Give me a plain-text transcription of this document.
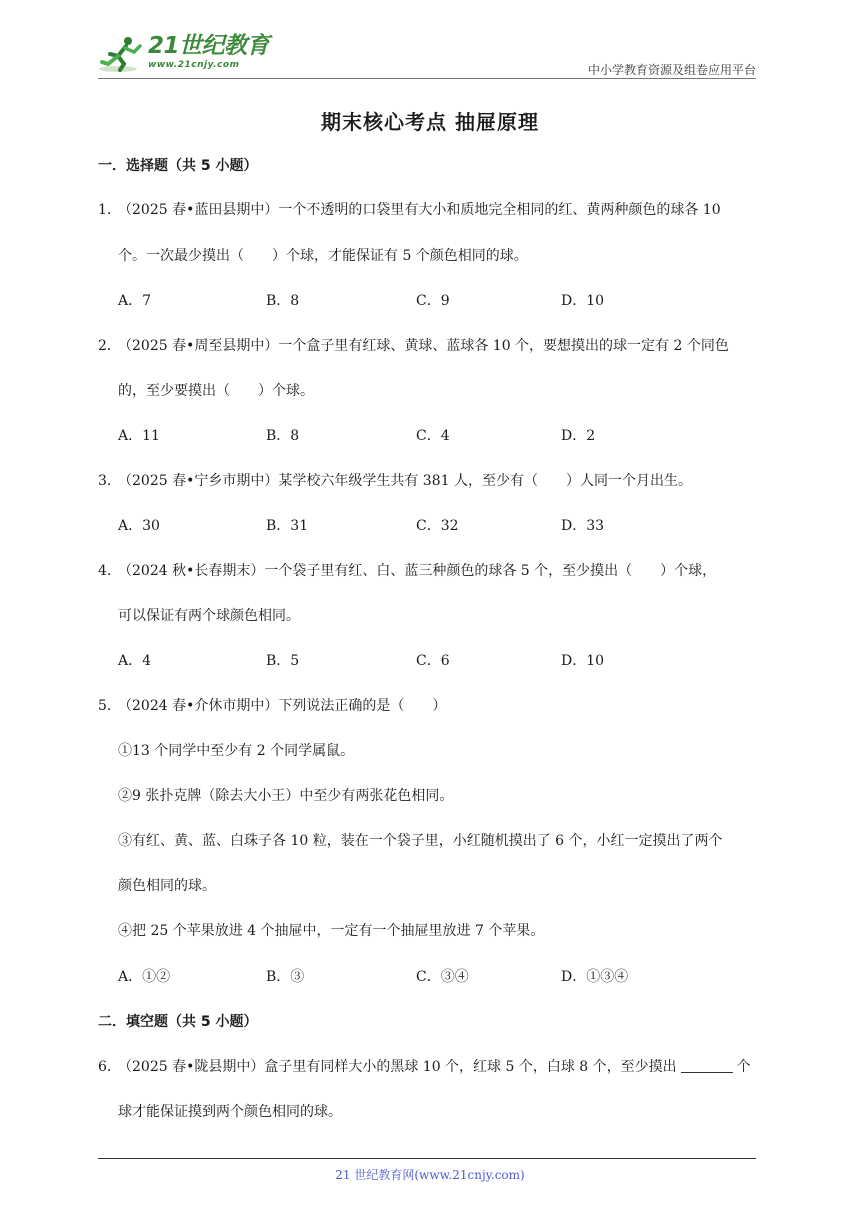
21世纪教育
www.21cnjy.com	中小学教育资源及组卷应用平台
期末核心考点 抽屉原理
一．选择题（共 5 小题）
1．（2025 春•蓝田县期中）一个不透明的口袋里有大小和质地完全相同的红、黄两种颜色的球各 10
个。一次最少摸出（　　）个球，才能保证有 5 个颜色相同的球。
A．7	B．8	C．9	D．10
2．（2025 春•周至县期中）一个盒子里有红球、黄球、蓝球各 10 个，要想摸出的球一定有 2 个同色
的，至少要摸出（　　）个球。
A．11	B．8	C．4	D．2
3．（2025 春•宁乡市期中）某学校六年级学生共有 381 人，至少有（　　）人同一个月出生。
A．30	B．31	C．32	D．33
4．（2024 秋•长春期末）一个袋子里有红、白、蓝三种颜色的球各 5 个，至少摸出（　　）个球，
可以保证有两个球颜色相同。
A．4	B．5	C．6	D．10
5．（2024 春•介休市期中）下列说法正确的是（　　）
①13 个同学中至少有 2 个同学属鼠。
②9 张扑克牌（除去大小王）中至少有两张花色相同。
③有红、黄、蓝、白珠子各 10 粒，装在一个袋子里，小红随机摸出了 6 个，小红一定摸出了两个
颜色相同的球。
④把 25 个苹果放进 4 个抽屉中，一定有一个抽屉里放进 7 个苹果。
A．①②	B．③	C．③④	D．①③④
二．填空题（共 5 小题）
6．（2025 春•陇县期中）盒子里有同样大小的黑球 10 个，红球 5 个，白球 8 个，至少摸出	个
球才能保证摸到两个颜色相同的球。
21 世纪教育网(www.21cnjy.com)
